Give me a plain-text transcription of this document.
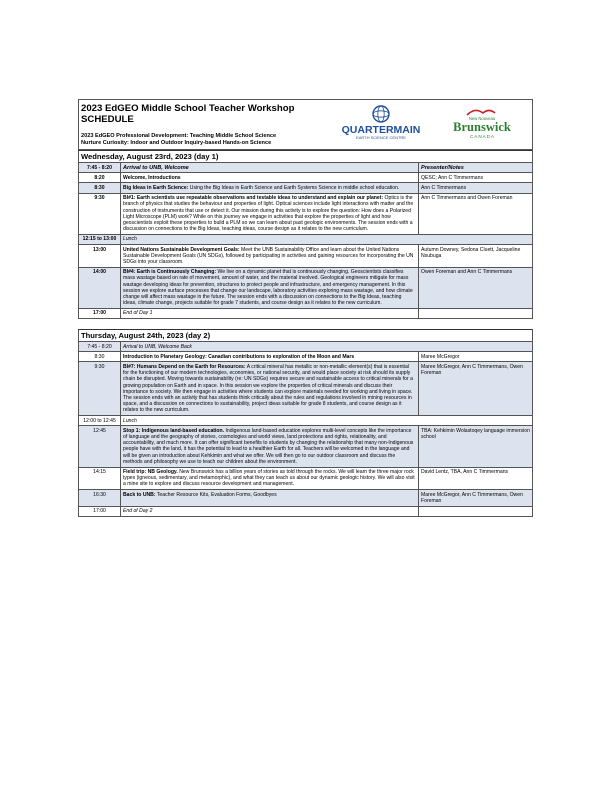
2023 EdGEO Middle School Teacher Workshop SCHEDULE
2023 EdGEO Professional Development: Teaching Middle School Science
Nurture Curiosity: Indoor and Outdoor Inquiry-based Hands-on Science

QUARTERMAIN
EARTH SCIENCE CENTRE
New Nouveau
Brunswick
C A N A D A
Wednesday, August 23rd, 2023 (day 1)		
7:45 - 8:20	Arrival to UNB, Welcome	Presenter/Notes
8:20	Welcome, Introductions	QESC; Ann C Timmermans
8:30	Big Ideas in Earth Science: Using the Big Ideas in Earth Science and Earth Systems Science in middle school education.	Ann C Timmermans
9:30	BI#1: Earth scientists use repeatable observations and testable ideas to understand and explain our planet: Optics is the branch of physics that studies the behaviour and properties of light. Optical sciences include light interactions with matter and the construction of instruments that use or detect it. Our mission during this activity is to explore the question: How does a Polarized Light Microscope (PLM) work? While on this journey we engage in activities that explore the properties of light and how geoscientists exploit these properties to build a PLM so we can learn about past geologic environments. The session ends with a discussion on connections to the Big Ideas, teaching ideas, course design as it relates to the new curriculum.	Ann C Timmermans and Owen Foreman
12:15 to 13:00	Lunch	
13:00	United Nations Sustainable Development Goals: Meet the UNB Sustainability Office and learn about the United Nations Sustainable Development Goals (UN SDGs), followed by participating in activities and gaining resources for incorporating the UN SDGs into your classroom.	Autumn Downey, Sedona Cluett, Jacqueline Nsubuga
14:00	BI#4: Earth is Continuously Changing: We live on a dynamic planet that is continuously changing. Geoscientists classifies mass wastage based on rate of movement, amount of water, and the material involved. Geological engineers mitigate for mass wastage developing ideas for prevention, structures to protect people and infrastructure, and emergency management. In this session we explore surface processes that change our landscape, laboratory activities exploring mass wastage, and how climate change will affect mass wastage in the future. The session ends with a discussion on connections to the Big Ideas, teaching ideas, climate change, projects suitable for grade 7 students, and course design as it relates to the new curriculum.	Owen Foreman and Ann C Timmermans
17:00	End of Day 1	
Thursday, August 24th, 2023 (day 2)		
7:45 - 8:20	Arrival to UNB, Welcome Back	
8:30	Introduction to Planetary Geology: Canadian contributions to exploration of the Moon and Mars	Maree McGregor
9:30	BI#7: Humans Depend on the Earth for Resources: A critical mineral has metallic or non-metallic element(s) that is essential for the functioning of our modern technologies, economies, or national security, and would place society at risk should its supply chain be disrupted. Moving towards sustainability (re: UN SDGs) requires secure and sustainable access to critical minerals for a growing population on Earth and in space. In this session we explore the properties of critical minerals and discuss their importance to society. We then engage in activities where students can explore materials needed for working and living in space. The session ends with an activity that has students think critically about the rules and regulations involved in mining resources in space, and a discussion on connections to sustainability, project ideas suitable for grade 8 students, and course design as it relates to the new curriculum.	Maree McGregor, Ann C Timmermans, Owen Foreman
12:00 to 12:45	Lunch	
12:45	Stop 1: Indigenous land-based education. Indigenous land-based education explores multi-level concepts like the importance of language and the geography of stories, cosmologies and world views, land protections and rights, relationality, and accountability, and much more. It can offer significant benefits to students by changing the relationship that many non-Indigenous people have with the land, it has the potential to lead to a healthier Earth for all. Teachers will be welcomed in the language and will be given an introduction about Kehkimin and what we offer. We will then go to our outdoor classroom and discuss the methods and philosophy we use to teach our children about the environment.	TBA: Kehkimin Wolastoqey language immersion school
14:15	Field trip: NB Geology. New Brunswick has a billion years of stories as told through the rocks. We will learn the three major rock types (igneous, sedimentary, and metamorphic), and what they can teach us about our dynamic geologic history. We will also visit a mine site to explore and discuss resource development and management.	David Lentz, TBA, Ann C Timmermans
16:30	Back to UNB: Teacher Resource Kits, Evaluation Forms, Goodbyes	Maree McGregor, Ann C Timmermans, Owen Foreman
17:00	End of Day 2	
